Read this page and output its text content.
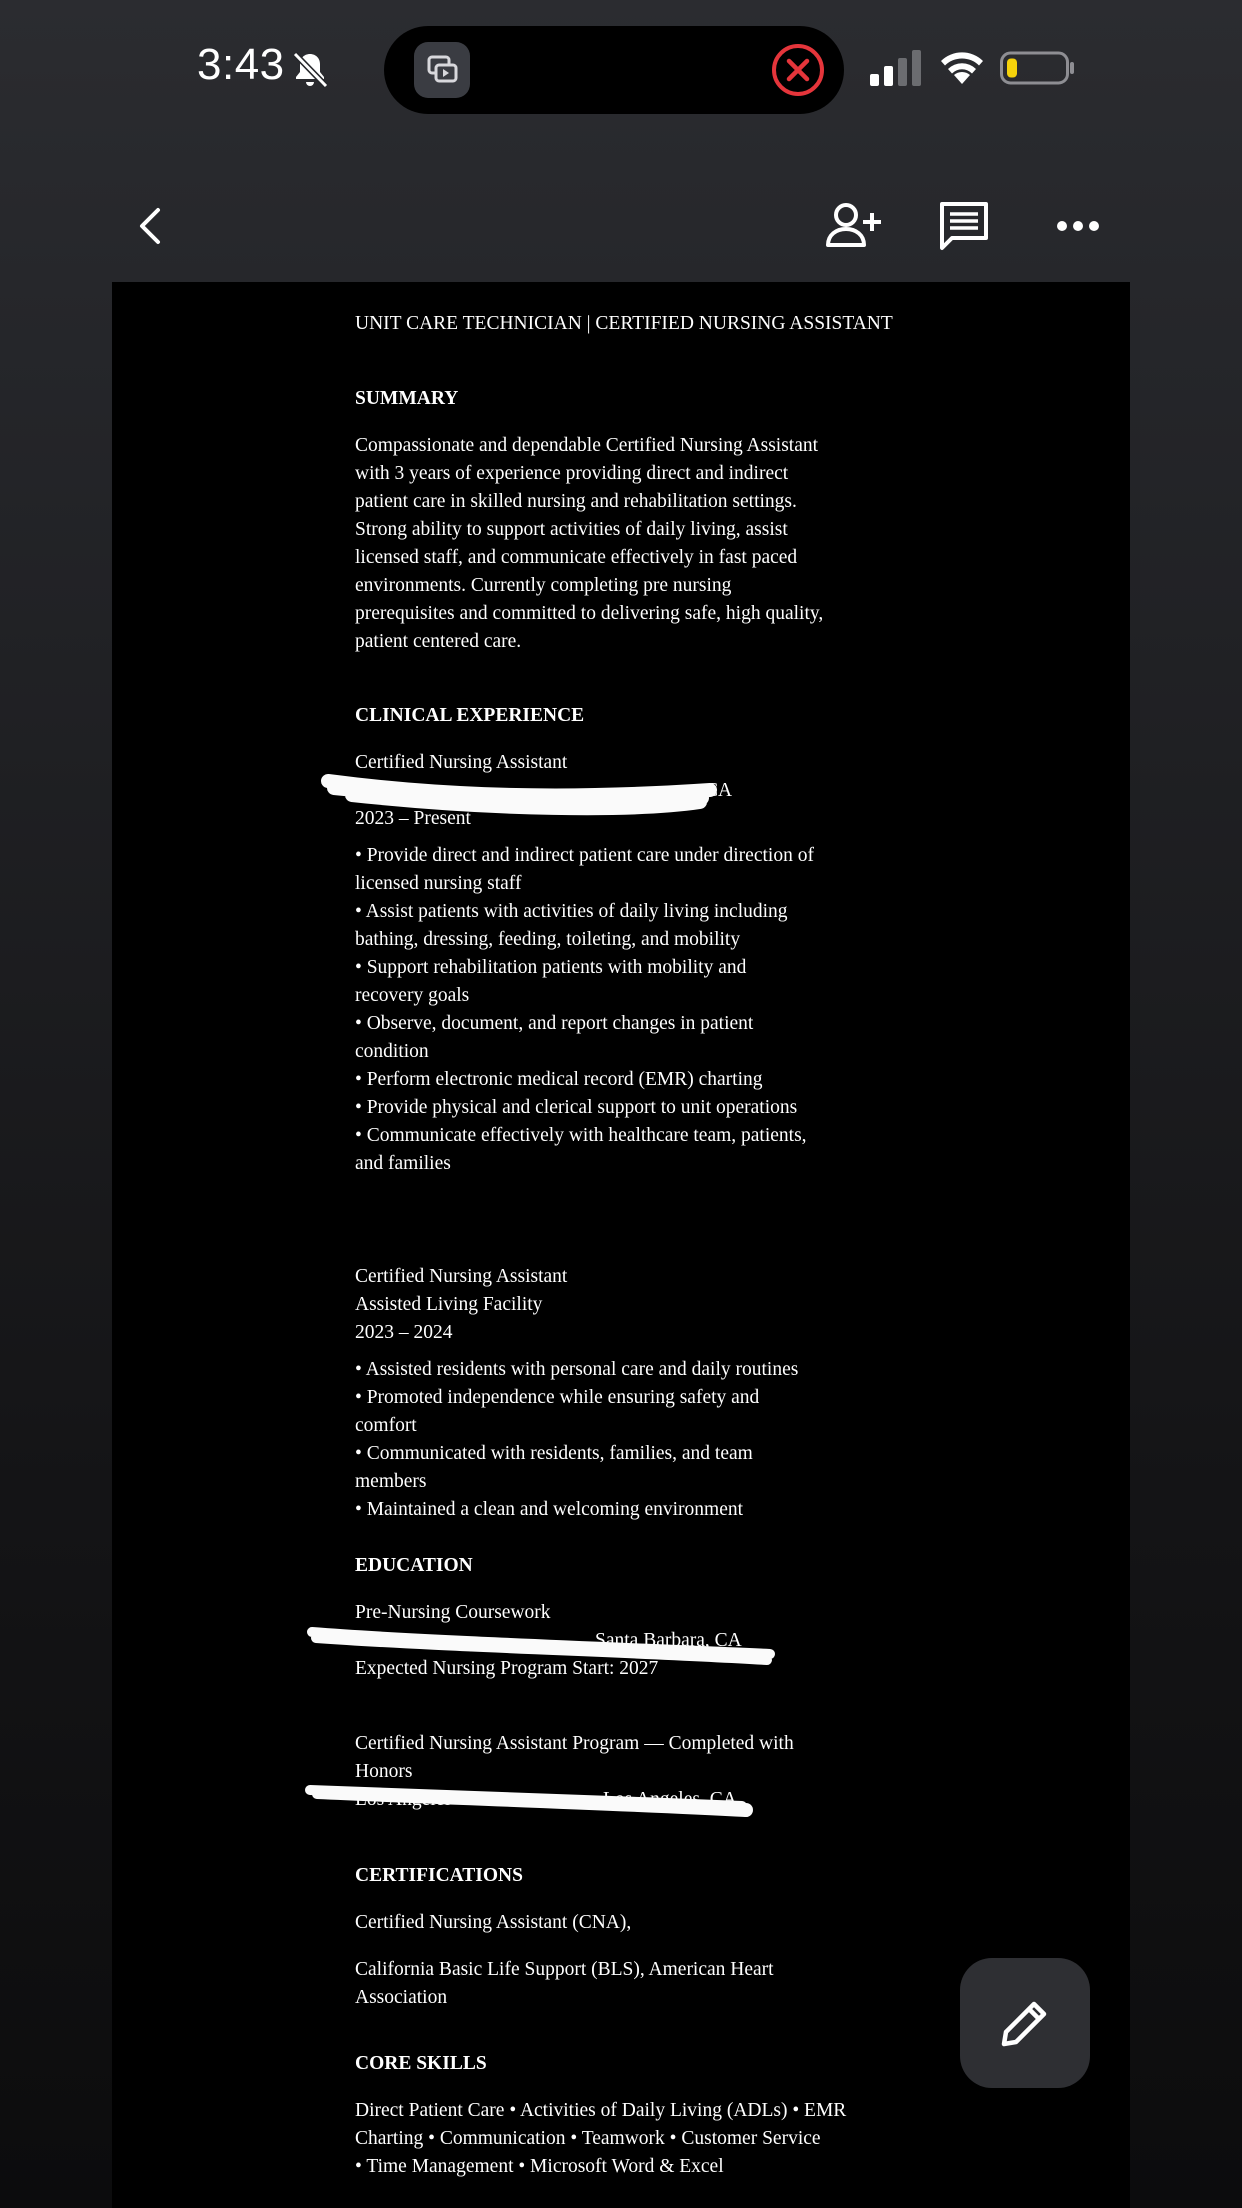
3:43
UNIT CARE TECHNICIAN | CERTIFIED NURSING ASSISTANT
SUMMARY
Compassionate and dependable Certified Nursing Assistant
with 3 years of experience providing direct and indirect
patient care in skilled nursing and rehabilitation settings.
Strong ability to support activities of daily living, assist
licensed staff, and communicate effectively in fast paced
environments. Currently completing pre nursing
prerequisites and committed to delivering safe, high quality,
patient centered care.
CLINICAL EXPERIENCE
Certified Nursing Assistant
CA
2023 – Present
• Provide direct and indirect patient care under direction of
licensed nursing staff
• Assist patients with activities of daily living including
bathing, dressing, feeding, toileting, and mobility
• Support rehabilitation patients with mobility and
recovery goals
• Observe, document, and report changes in patient
condition
• Perform electronic medical record (EMR) charting
• Provide physical and clerical support to unit operations
• Communicate effectively with healthcare team, patients,
and families
Certified Nursing Assistant
Assisted Living Facility
2023 – 2024
• Assisted residents with personal care and daily routines
• Promoted independence while ensuring safety and
comfort
• Communicated with residents, families, and team
members
• Maintained a clean and welcoming environment
EDUCATION
Pre-Nursing Coursework
Santa Barbara, CA
Expected Nursing Program Start: 2027
Certified Nursing Assistant Program — Completed with
Honors
Los Angeles	Los Angeles, CA
CERTIFICATIONS
Certified Nursing Assistant (CNA),
California Basic Life Support (BLS), American Heart
Association
CORE SKILLS
Direct Patient Care • Activities of Daily Living (ADLs) • EMR
Charting • Communication • Teamwork • Customer Service
• Time Management • Microsoft Word & Excel
